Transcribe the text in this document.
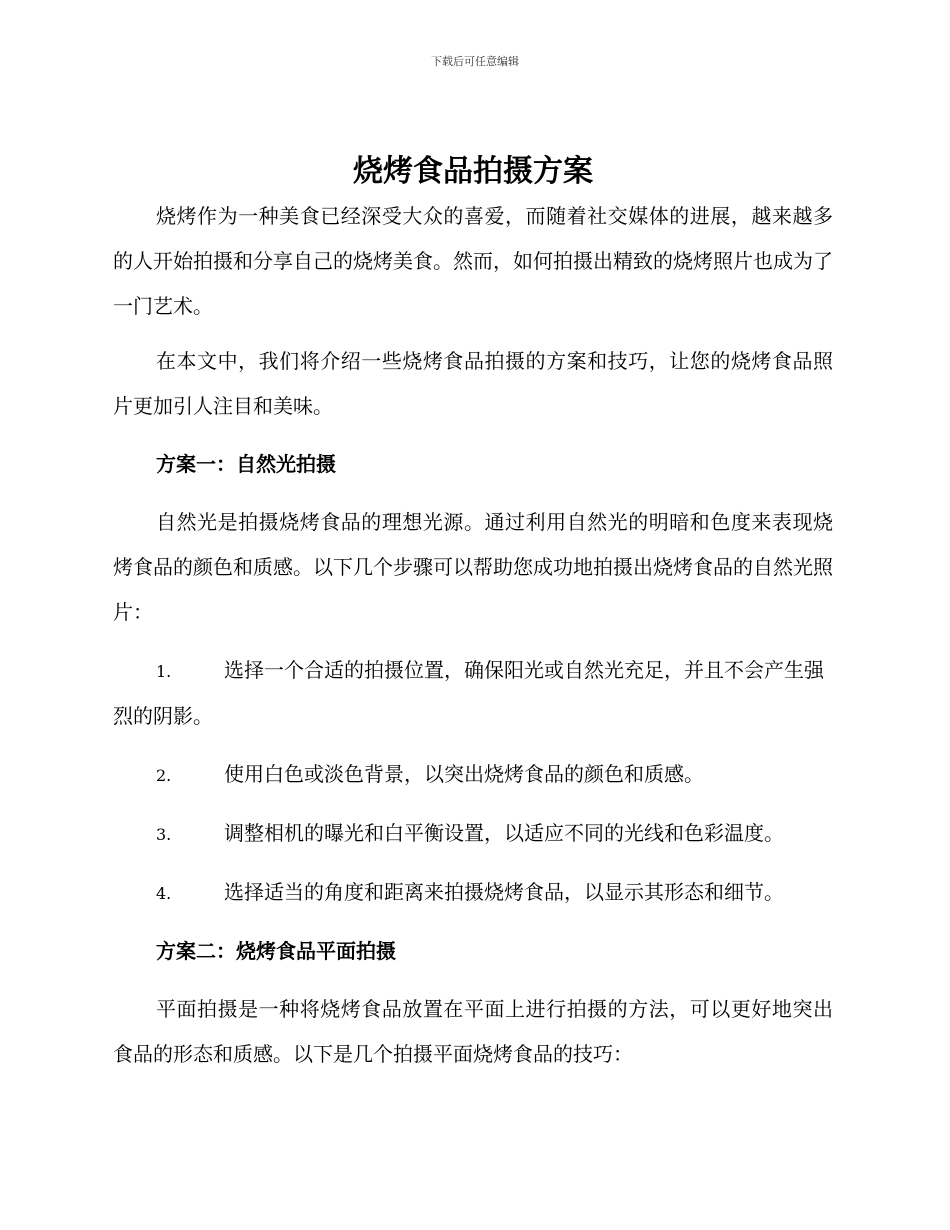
下载后可任意编辑
烧烤食品拍摄方案

烧烤作为一种美食已经深受大众的喜爱，而随着社交媒体的进展，越来越多的人开始拍摄和分享自己的烧烤美食。然而，如何拍摄出精致的烧烤照片也成为了一门艺术。

在本文中，我们将介绍一些烧烤食品拍摄的方案和技巧，让您的烧烤食品照片更加引人注目和美味。

方案一：自然光拍摄

自然光是拍摄烧烤食品的理想光源。通过利用自然光的明暗和色度来表现烧烤食品的颜色和质感。以下几个步骤可以帮助您成功地拍摄出烧烤食品的自然光照片：

1.	选择一个合适的拍摄位置，确保阳光或自然光充足，并且不会产生强烈的阴影。

2.	使用白色或淡色背景，以突出烧烤食品的颜色和质感。

3.	调整相机的曝光和白平衡设置，以适应不同的光线和色彩温度。

4.	选择适当的角度和距离来拍摄烧烤食品，以显示其形态和细节。

方案二：烧烤食品平面拍摄

平面拍摄是一种将烧烤食品放置在平面上进行拍摄的方法，可以更好地突出食品的形态和质感。以下是几个拍摄平面烧烤食品的技巧：
